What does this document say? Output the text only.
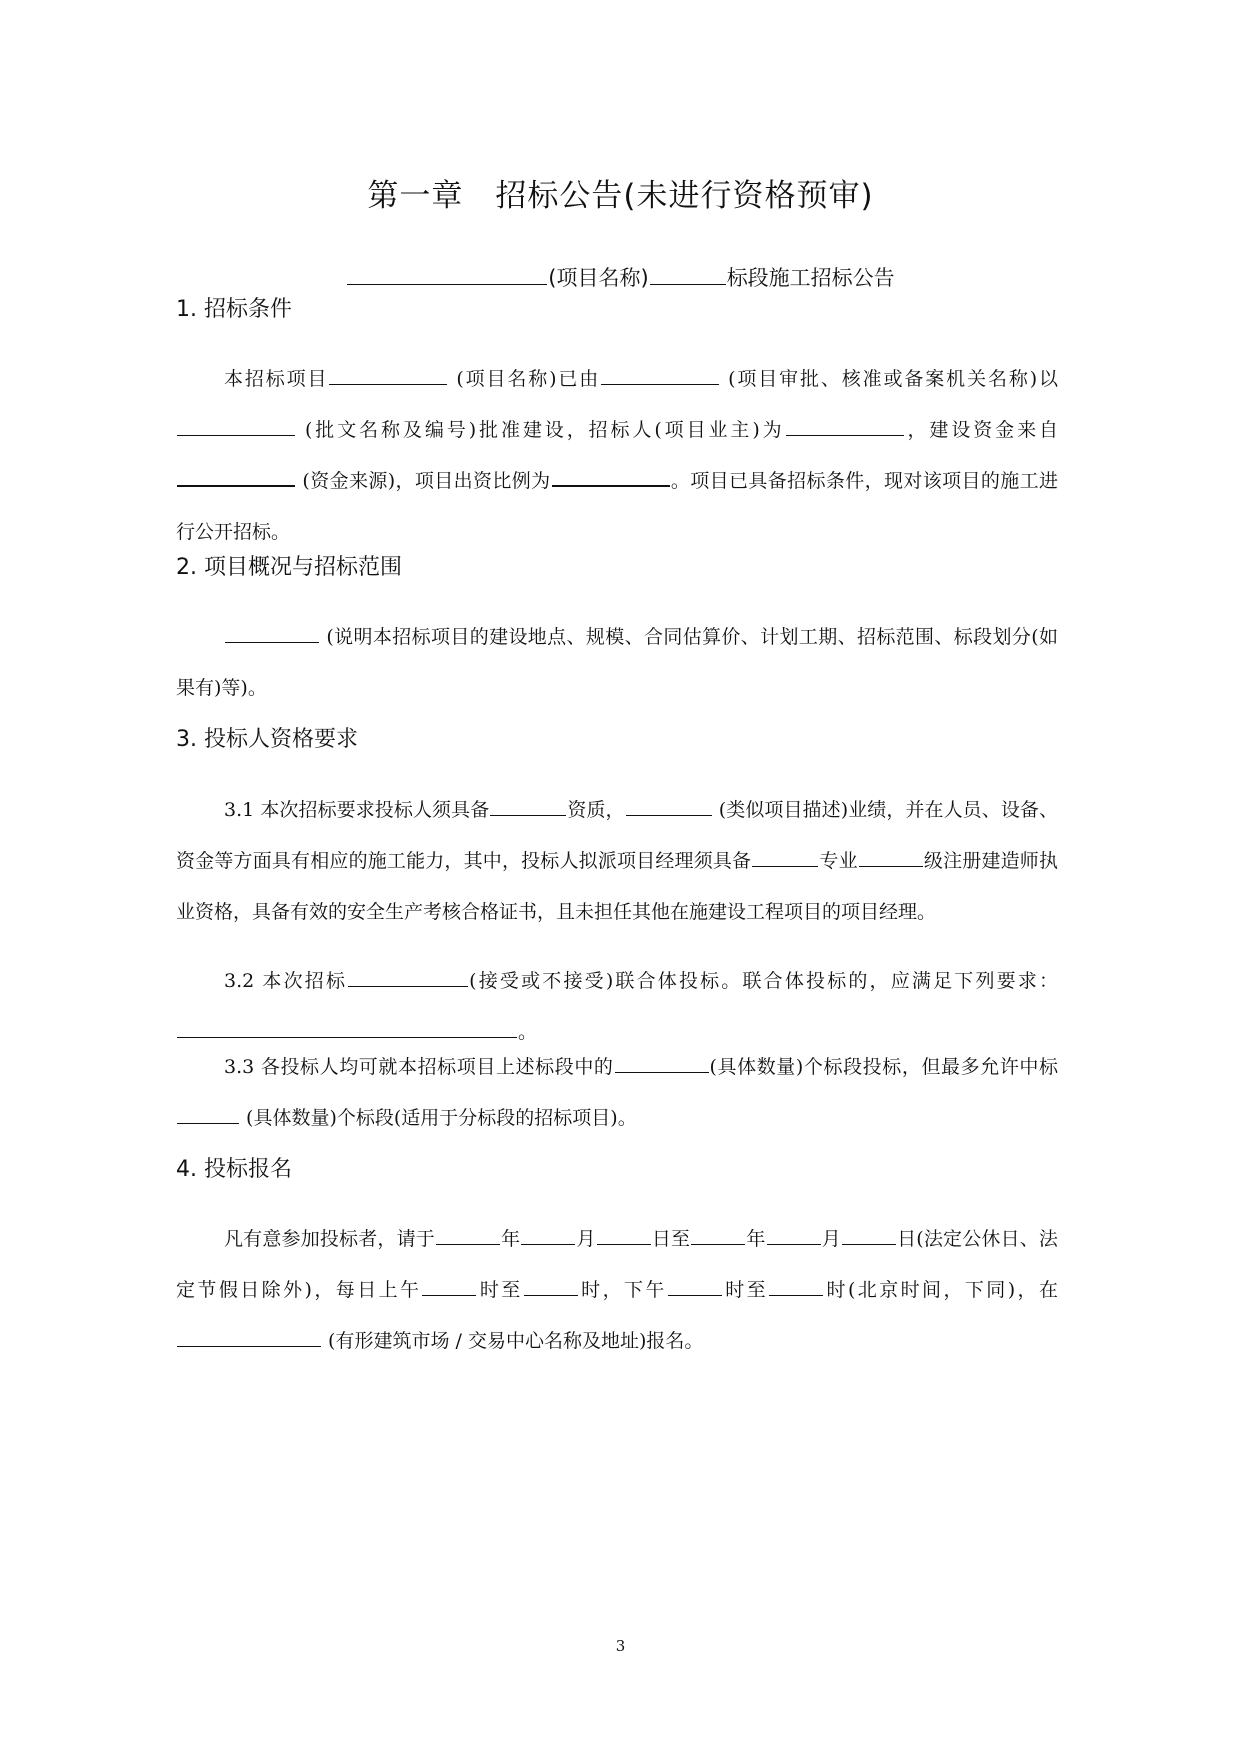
第一章　招标公告(未进行资格预审)
(项目名称)	标段施工招标公告
1. 招标条件
本招标项目	(项目名称)已由	(项目审批、核准或备案机关名称)以 (批文名称及编号)批准建设，招标人(项目业主)为	，建设资金来自 (资金来源)，项目出资比例为	。项目已具备招标条件，现对该项目的施工进行公开招标。
2. 项目概况与招标范围
(说明本招标项目的建设地点、规模、合同估算价、计划工期、招标范围、标段划分(如果有)等)。
3. 投标人资格要求
3.1 本次招标要求投标人须具备	资质，	(类似项目描述)业绩，并在人员、设备、资金等方面具有相应的施工能力，其中，投标人拟派项目经理须具备	专业	级注册建造师执业资格，具备有效的安全生产考核合格证书，且未担任其他在施建设工程项目的项目经理。
3.2 本次招标	(接受或不接受)联合体投标。联合体投标的，应满足下列要求：。
3.3 各投标人均可就本招标项目上述标段中的	(具体数量)个标段投标，但最多允许中标 (具体数量)个标段(适用于分标段的招标项目)。
4. 投标报名
凡有意参加投标者，请于	年	月	日至	年	月	日(法定公休日、法定节假日除外)，每日上午	时至	时，下午	时至	时(北京时间，下同)，在 (有形建筑市场 / 交易中心名称及地址)报名。
3
